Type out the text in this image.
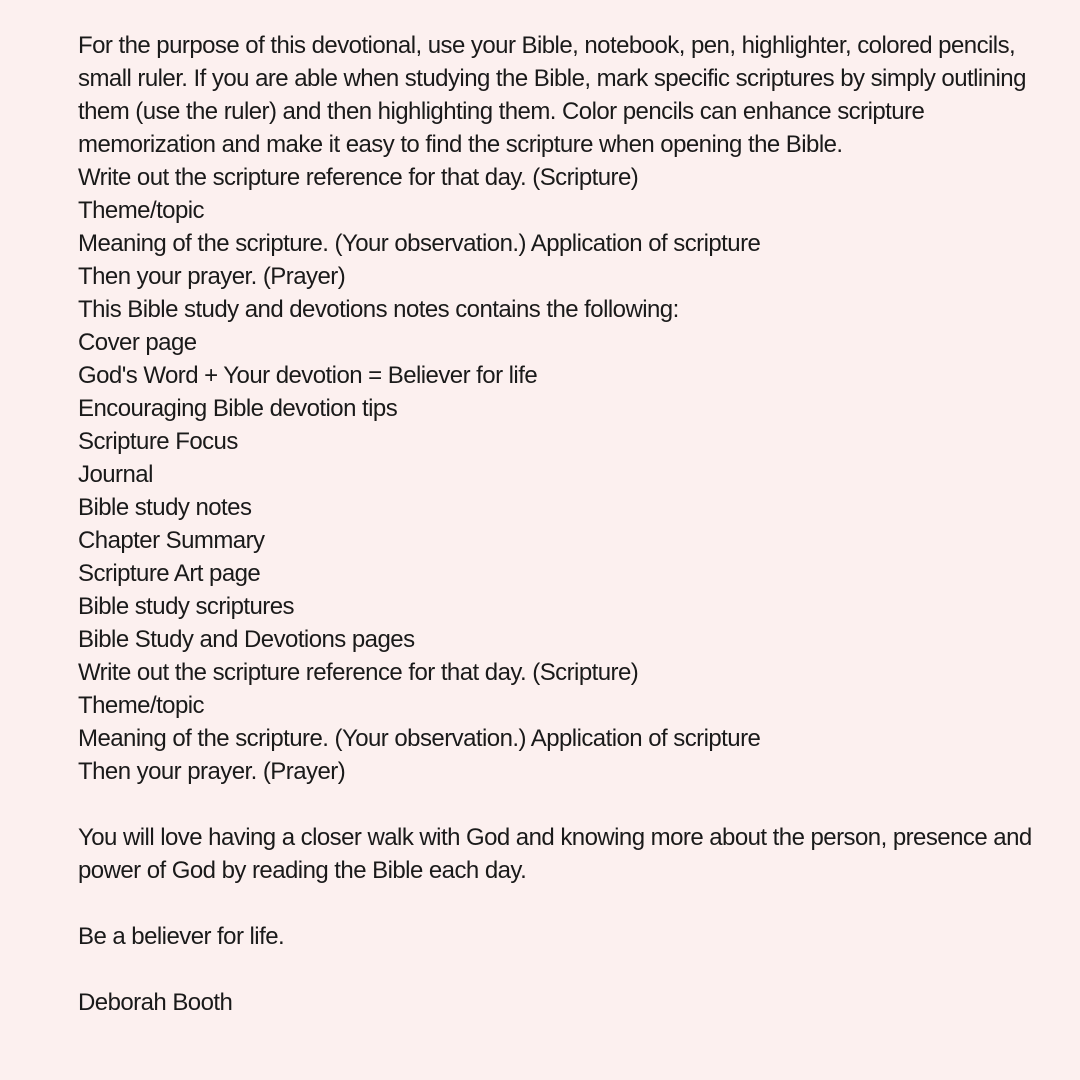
For the purpose of this devotional, use your Bible, notebook, pen, highlighter, colored pencils, small ruler. If you are able when studying the Bible, mark specific scriptures by simply outlining them (use the ruler) and then highlighting them. Color pencils can enhance scripture memorization and make it easy to find the scripture when opening the Bible.

Write out the scripture reference for that day. (Scripture)
Theme/topic
Meaning of the scripture. (Your observation.) Application of scripture
Then your prayer. (Prayer)

This Bible study and devotions notes contains the following:

Cover page
God's Word + Your devotion = Believer for life
Encouraging Bible devotion tips
Scripture Focus
Journal
Bible study notes
Chapter Summary
Scripture Art page
Bible study scriptures
Bible Study and Devotions pages
Write out the scripture reference for that day. (Scripture)
Theme/topic
Meaning of the scripture. (Your observation.) Application of scripture
Then your prayer. (Prayer)

You will love having a closer walk with God and knowing more about the person, presence and power of God by reading the Bible each day.

Be a believer for life.

Deborah Booth
